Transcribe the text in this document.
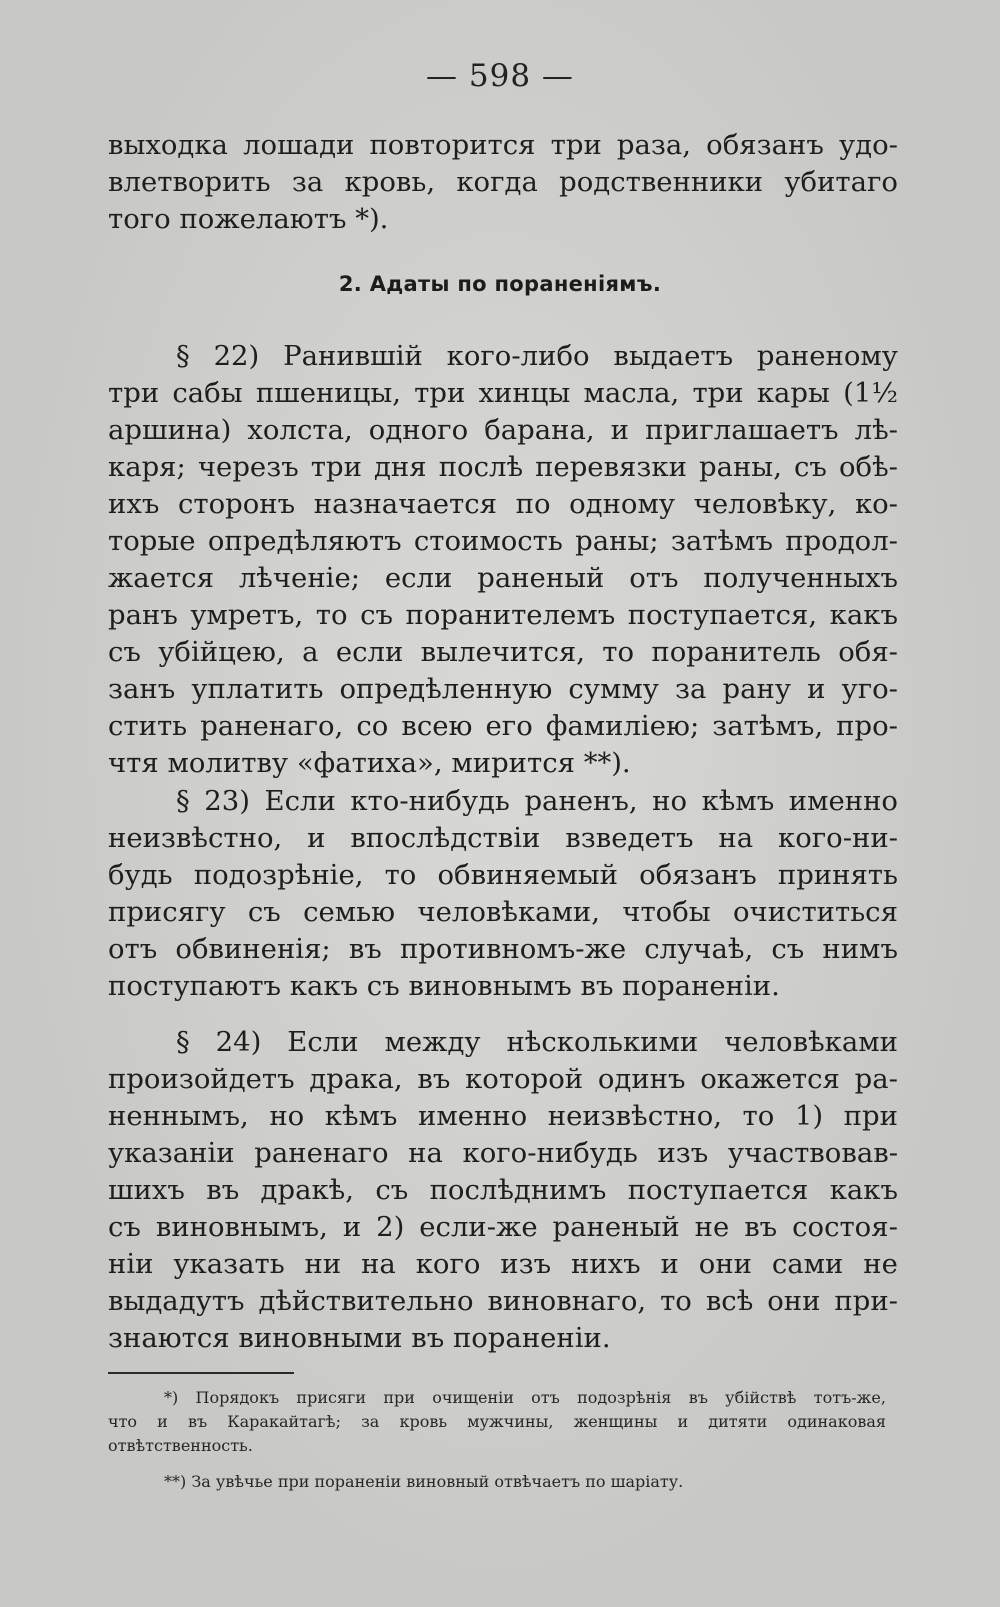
— 598 —
выходка лошади повторится три раза, обязанъ удо-
влетворить за кровь, когда родственники убитаго
того пожелаютъ *).
2. Адаты по пораненіямъ.
§ 22) Ранившій кого-либо выдаетъ раненому
три сабы пшеницы, три хинцы масла, три кары (1½
аршина) холста, одного барана, и приглашаетъ лѣ-
каря; черезъ три дня послѣ перевязки раны, съ обѣ-
ихъ сторонъ назначается по одному человѣку, ко-
торые опредѣляютъ стоимость раны; затѣмъ продол-
жается лѣченіе; если раненый отъ полученныхъ
ранъ умретъ, то съ поранителемъ поступается, какъ
съ убійцею, а если вылечится, то поранитель обя-
занъ уплатить опредѣленную сумму за рану и уго-
стить раненаго, со всею его фамиліею; затѣмъ, про-
чтя молитву «фатиха», мирится **).
§ 23) Если кто-нибудь раненъ, но кѣмъ именно
неизвѣстно, и впослѣдствіи взведетъ на кого-ни-
будь подозрѣніе, то обвиняемый обязанъ принять
присягу съ семью человѣками, чтобы очиститься
отъ обвиненія; въ противномъ-же случаѣ, съ нимъ
поступаютъ какъ съ виновнымъ въ пораненіи.
§ 24) Если между нѣсколькими человѣками
произойдетъ драка, въ которой одинъ окажется ра-
неннымъ, но кѣмъ именно неизвѣстно, то 1) при
указаніи раненаго на кого-нибудь изъ участвовав-
шихъ въ дракѣ, съ послѣднимъ поступается какъ
съ виновнымъ, и 2) если-же раненый не въ состоя-
ніи указать ни на кого изъ нихъ и они сами не
выдадутъ дѣйствительно виновнаго, то всѣ они при-
знаются виновными въ пораненіи.
*) Порядокъ присяги при очищеніи отъ подозрѣнія въ убійствѣ тотъ-же,
что и въ Каракайтагѣ; за кровь мужчины, женщины и дитяти одинаковая
отвѣтственность.
**) За увѣчье при пораненіи виновный отвѣчаетъ по шаріату.
